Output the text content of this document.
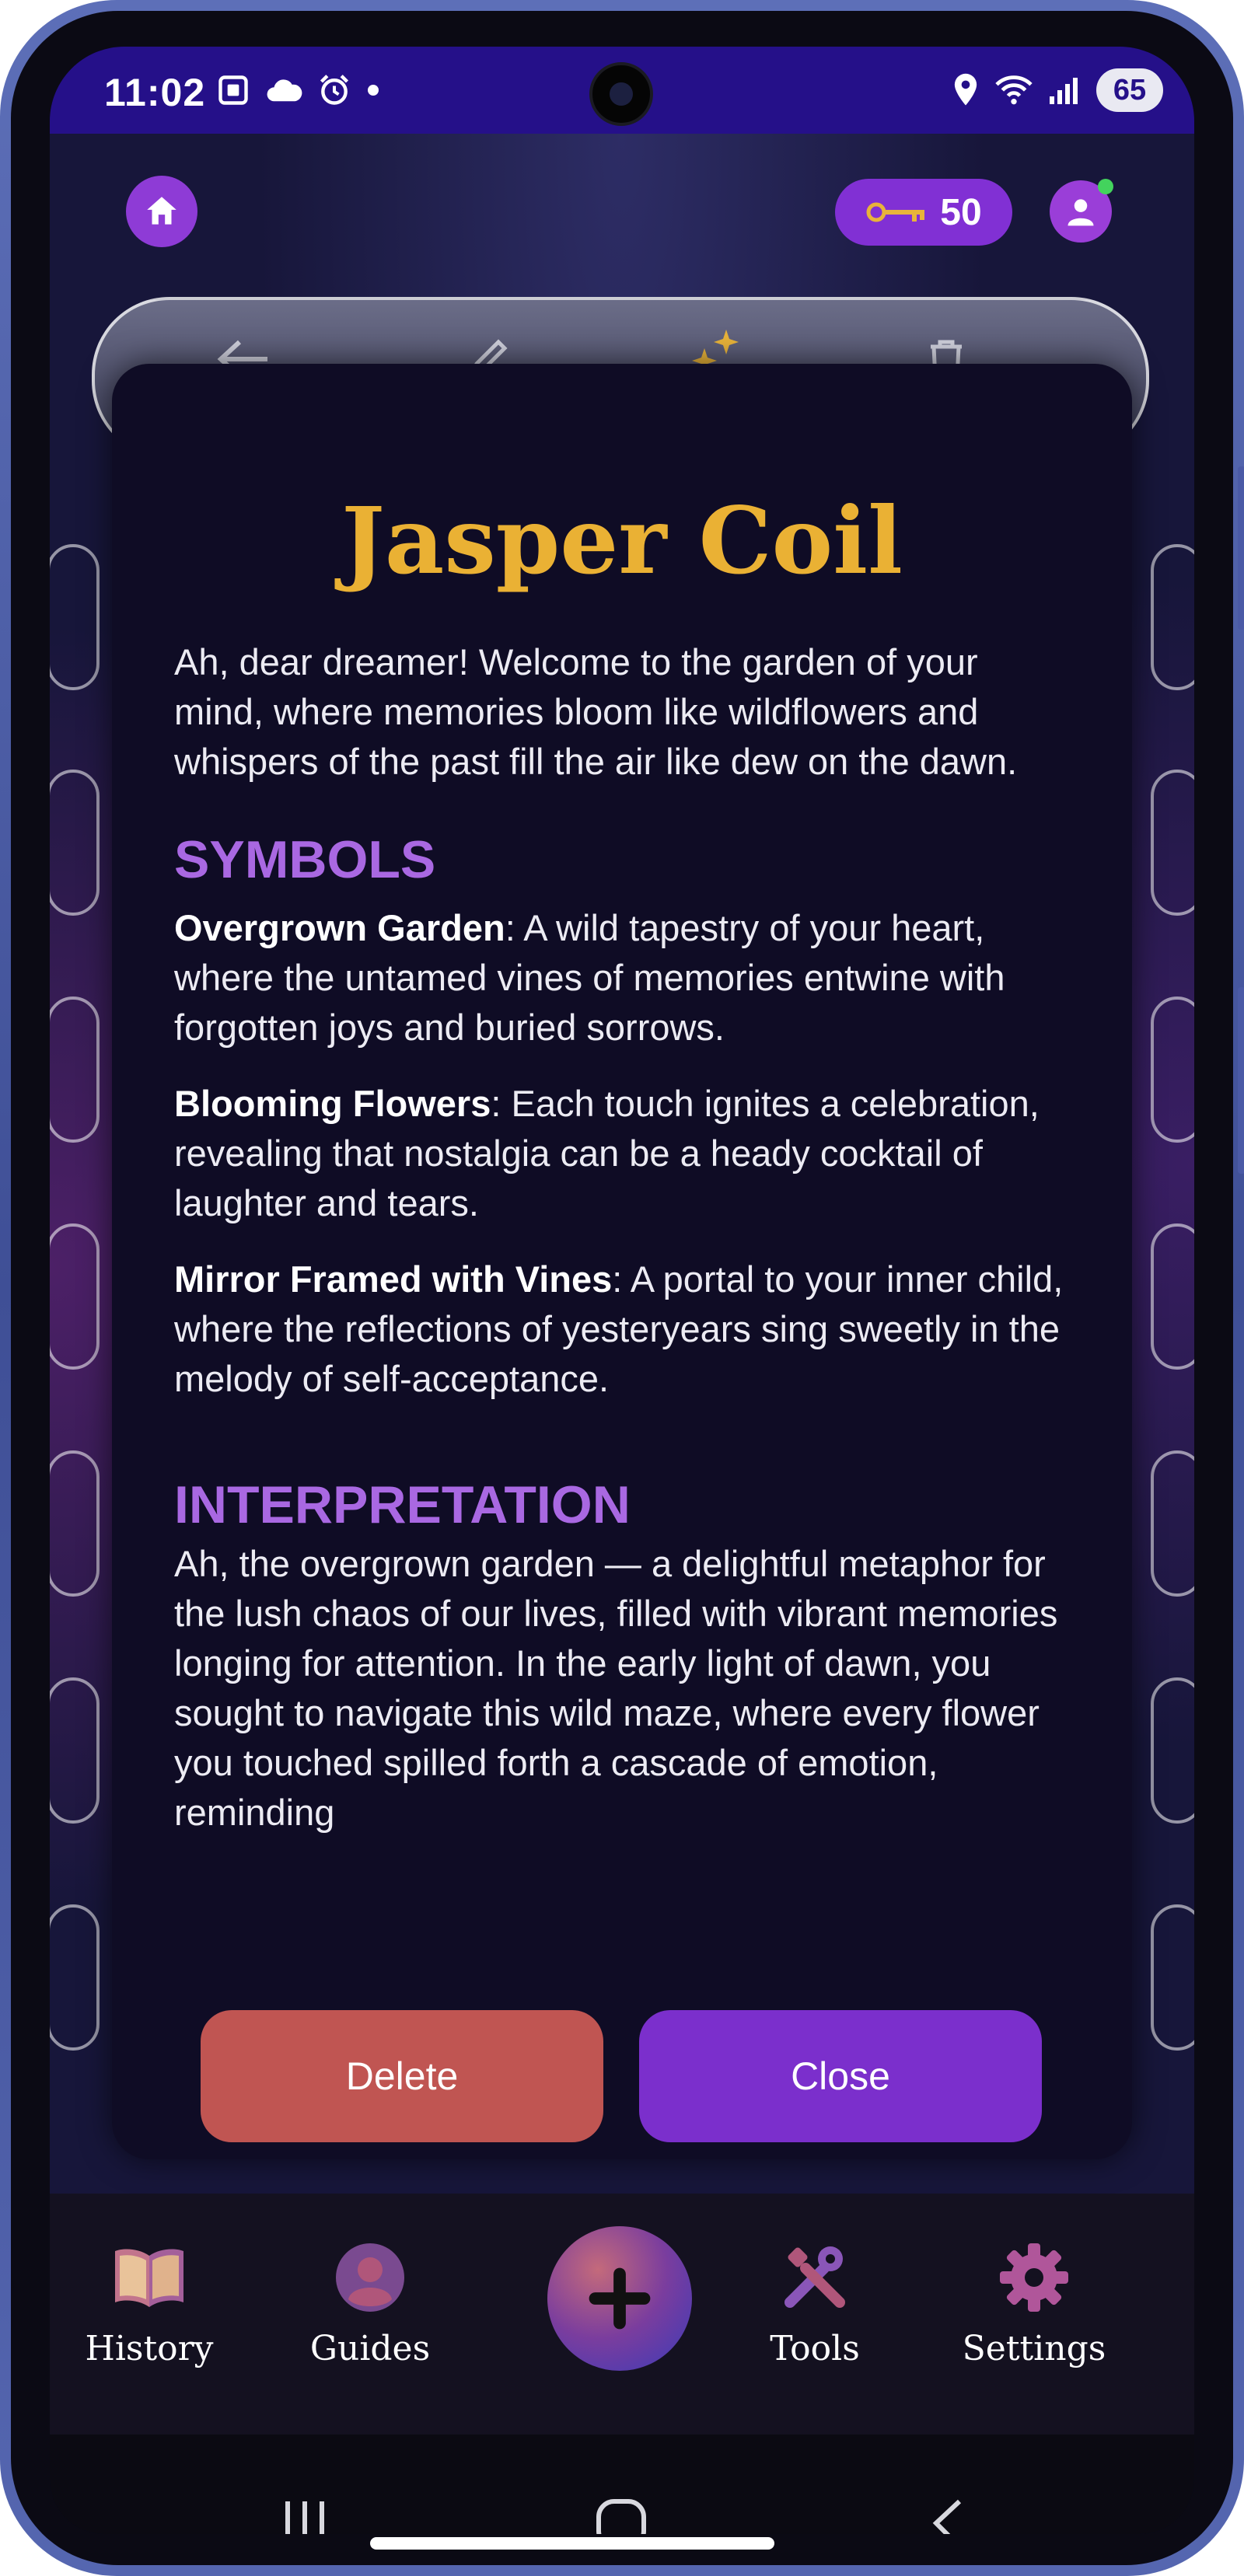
11:02	65
50
Jasper Coil

Ah, dear dreamer! Welcome to the garden of your mind, where memories bloom like wildflowers and whispers of the past fill the air like dew on the dawn.

SYMBOLS

Overgrown Garden: A wild tapestry of your heart, where the untamed vines of memories entwine with forgotten joys and buried sorrows.

Blooming Flowers: Each touch ignites a celebration, revealing that nostalgia can be a heady cocktail of laughter and tears.

Mirror Framed with Vines: A portal to your inner child, where the reflections of yesteryears sing sweetly in the melody of self-acceptance.

INTERPRETATION

Ah, the overgrown garden — a delightful metaphor for the lush chaos of our lives, filled with vibrant memories longing for attention. In the early light of dawn, you sought to navigate this wild maze, where every flower you touched spilled forth a cascade of emotion, reminding

Delete	Close
History	Guides	Tools	Settings
